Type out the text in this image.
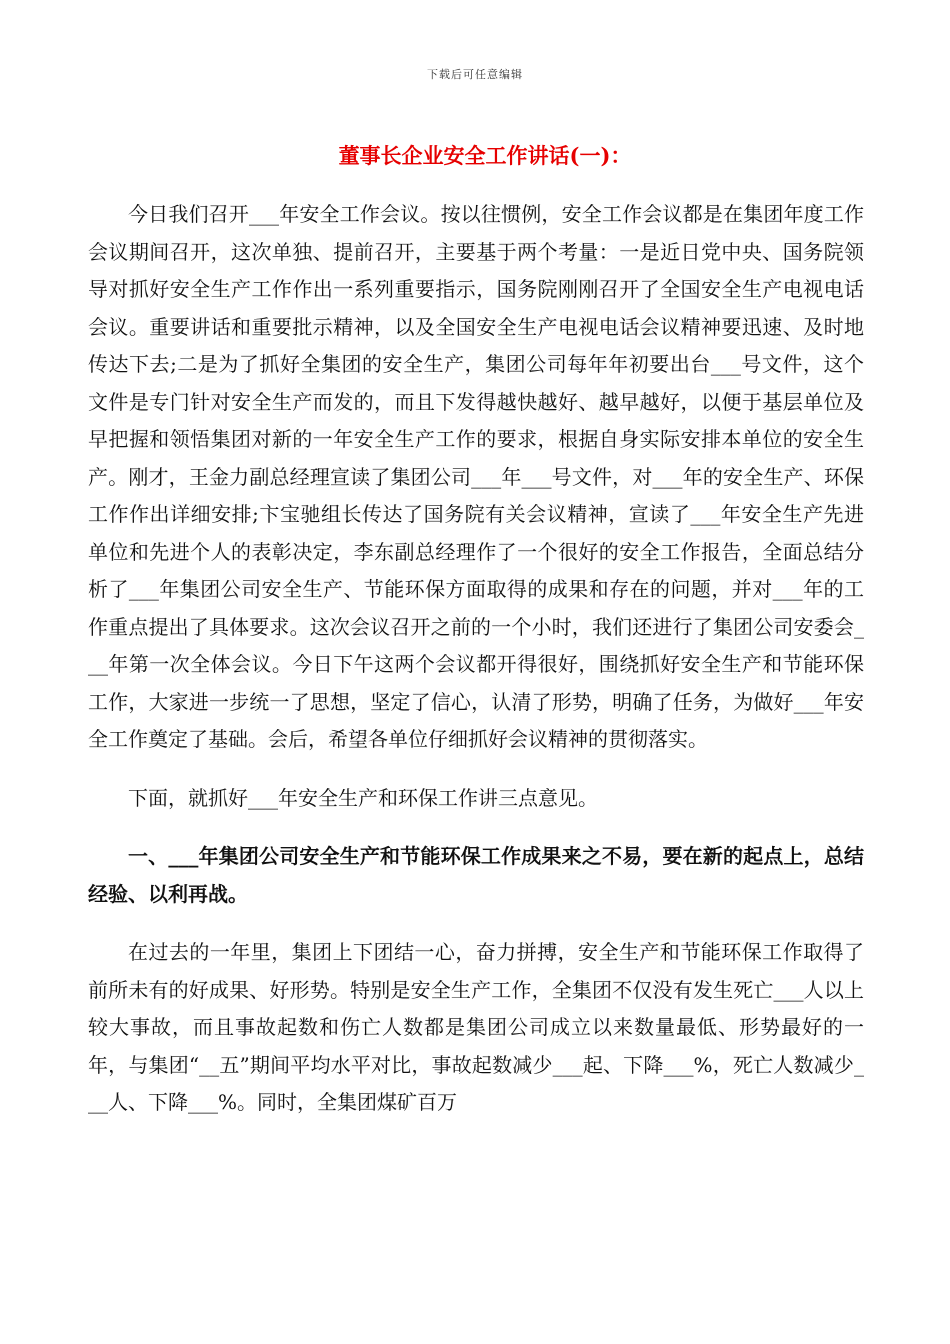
下载后可任意编辑
董事长企业安全工作讲话(一)：

今日我们召开___年安全工作会议。按以往惯例，安全工作会议都是在集团年度工作会议期间召开，这次单独、提前召开，主要基于两个考量：一是近日党中央、国务院领导对抓好安全生产工作作出一系列重要指示，国务院刚刚召开了全国安全生产电视电话会议。重要讲话和重要批示精神，以及全国安全生产电视电话会议精神要迅速、及时地传达下去;二是为了抓好全集团的安全生产，集团公司每年年初要出台___号文件，这个文件是专门针对安全生产而发的，而且下发得越快越好、越早越好，以便于基层单位及早把握和领悟集团对新的一年安全生产工作的要求，根据自身实际安排本单位的安全生产。刚才，王金力副总经理宣读了集团公司___年___号文件，对___年的安全生产、环保工作作出详细安排;卞宝驰组长传达了国务院有关会议精神，宣读了___年安全生产先进单位和先进个人的表彰决定，李东副总经理作了一个很好的安全工作报告，全面总结分析了___年集团公司安全生产、节能环保方面取得的成果和存在的问题，并对___年的工作重点提出了具体要求。这次会议召开之前的一个小时，我们还进行了集团公司安委会___年第一次全体会议。今日下午这两个会议都开得很好，围绕抓好安全生产和节能环保工作，大家进一步统一了思想，坚定了信心，认清了形势，明确了任务，为做好___年安全工作奠定了基础。会后，希望各单位仔细抓好会议精神的贯彻落实。

下面，就抓好___年安全生产和环保工作讲三点意见。

一、___年集团公司安全生产和节能环保工作成果来之不易，要在新的起点上，总结经验、以利再战。

在过去的一年里，集团上下团结一心，奋力拼搏，安全生产和节能环保工作取得了前所未有的好成果、好形势。特别是安全生产工作，全集团不仅没有发生死亡___人以上较大事故，而且事故起数和伤亡人数都是集团公司成立以来数量最低、形势最好的一年，与集团“__五”期间平均水平对比，事故起数减少___起、下降___%，死亡人数减少___人、下降___%。同时，全集团煤矿百万
